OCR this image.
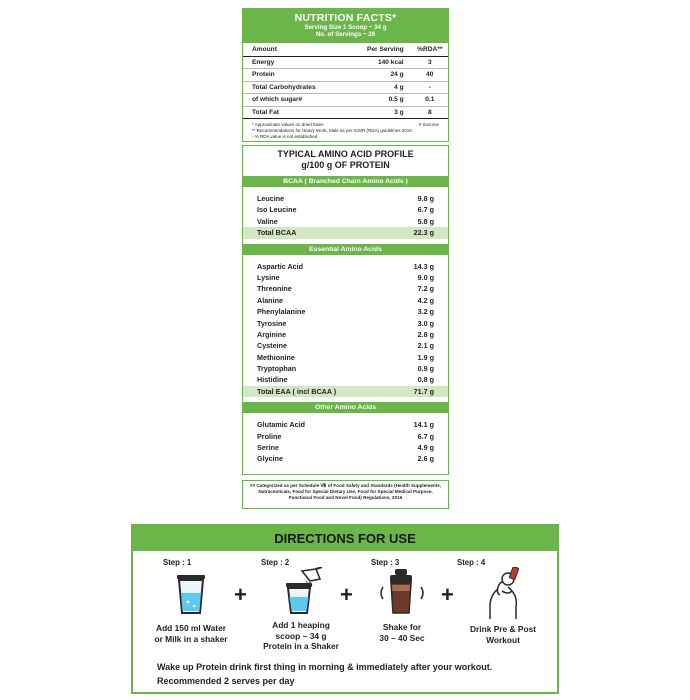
NUTRITION FACTS*
Serving Size 1 Scoop ~ 34 g
No. of Servings ~ 26
Amount	Per Serving	%RDA**
Energy	140 kcal	3
Protein	24 g	40
Total Carbohydrates	4 g	-
of which sugar#	0.5 g	0.1
Total Fat	3 g	8
* Approximate values on dried basis	# Sucrose
** Recommendations for Heavy Work, Male as per ICMR (RDA) guidelines 2010
- % RDA value is not established
TYPICAL AMINO ACID PROFILE
g/100 g OF PROTEIN
BCAA ( Branched Chain Amino Acids )
Leucine	9.8 g
Iso Leucine	6.7 g
Valine	5.8 g
Total BCAA	22.3 g
Essential Amino Acids
Aspartic Acid	14.3 g
Lysine	9.0 g
Threonine	7.2 g
Alanine	4.2 g
Phenylalanine	3.2 g
Tyrosine	3.0 g
Arginine	2.8 g
Cysteine	2.1 g
Methionine	1.9 g
Tryptophan	0.9 g
Histidine	0.8 g
Total EAA ( incl BCAA )	71.7 g
Other Amino Acids
Glutamic Acid	14.1 g
Proline	6.7 g
Serine	4.9 g
Glycine	2.6 g
## Categorized as per Schedule Ⅷ of Food Safety and Standards (Health Supplements, Nutraceuticals, Food for Special Dietary Use, Food for Special Medical Purpose, Functional Food and Novel Food) Regulations, 2016
DIRECTIONS FOR USE
Step : 1
Add 150 ml Water
or Milk in a shaker
+
Step : 2
Add 1 heaping
scoop ~ 34 g
Protein in a Shaker
+
Step : 3
Shake for
30 – 40 Sec
+
Step : 4
Drink Pre & Post
Workout
Wake up Protein drink first thing in morning & immediately after your workout.
Recommended 2 serves per day
